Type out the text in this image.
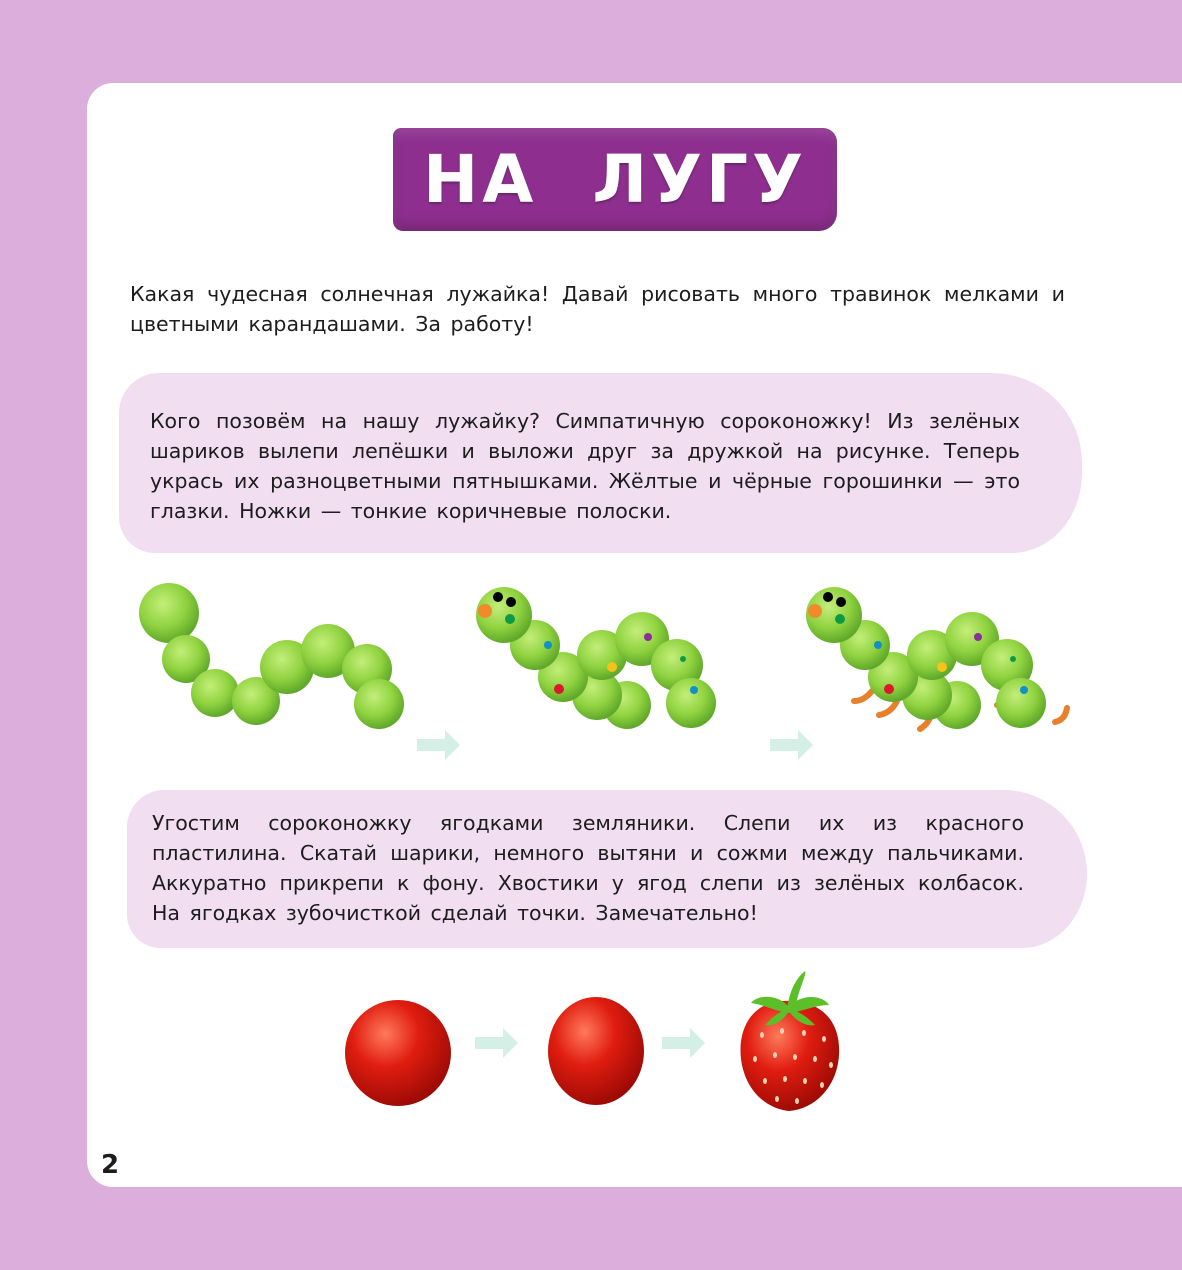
НА ЛУГУ
Какая чудесная солнечная лужайка! Давай рисовать много травинок мелками и цветными карандашами. За работу!
Кого позовём на нашу лужайку? Симпатичную сороконожку! Из зелёных шариков вылепи лепёшки и выложи друг за дружкой на рисунке. Теперь укрась их разноцветными пятнышками. Жёлтые и чёрные горошинки — это глазки. Ножки — тонкие коричневые полоски.
Угостим сороконожку ягодками земляники. Слепи их из красного пластилина. Скатай шарики, немного вытяни и сожми между пальчиками. Аккуратно прикрепи к фону. Хвостики у ягод слепи из зелёных колбасок. На ягодках зубочисткой сделай точки. Замечательно!
2
